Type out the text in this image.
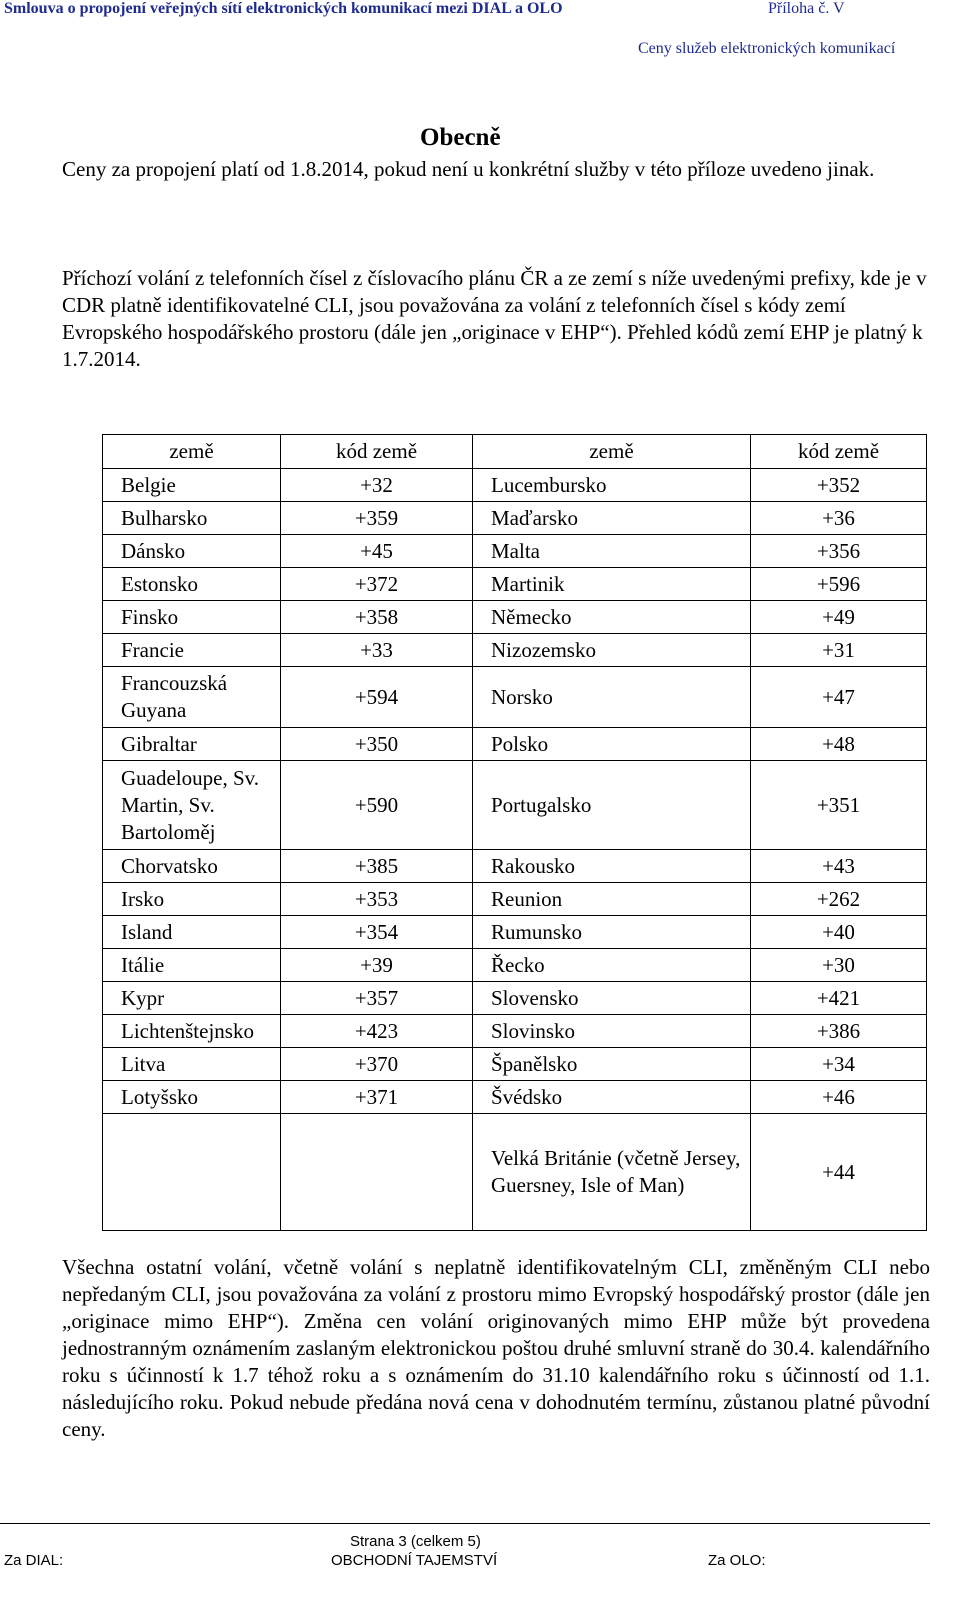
Smlouva o propojení veřejných sítí elektronických komunikací mezi DIAL a OLO	Příloha č. V
Ceny služeb elektronických komunikací
Obecně
Ceny za propojení platí od 1.8.2014, pokud není u konkrétní služby v této příloze uvedeno jinak.
Příchozí volání z telefonních čísel z číslovacího plánu ČR a ze zemí s níže uvedenými prefixy, kde je v CDR platně identifikovatelné CLI, jsou považována za volání z telefonních čísel s kódy zemí Evropského hospodářského prostoru (dále jen „originace v EHP“). Přehled kódů zemí EHP je platný k 1.7.2014.
země	kód země	země	kód země
Belgie	+32	Lucembursko	+352
Bulharsko	+359	Maďarsko	+36
Dánsko	+45	Malta	+356
Estonsko	+372	Martinik	+596
Finsko	+358	Německo	+49
Francie	+33	Nizozemsko	+31
Francouzská Guyana	+594	Norsko	+47
Gibraltar	+350	Polsko	+48
Guadeloupe, Sv. Martin, Sv. Bartoloměj	+590	Portugalsko	+351
Chorvatsko	+385	Rakousko	+43
Irsko	+353	Reunion	+262
Island	+354	Rumunsko	+40
Itálie	+39	Řecko	+30
Kypr	+357	Slovensko	+421
Lichtenštejnsko	+423	Slovinsko	+386
Litva	+370	Španělsko	+34
Lotyšsko	+371	Švédsko	+46
		Velká Británie (včetně Jersey, Guersney, Isle of Man)	+44
Všechna ostatní volání, včetně volání s neplatně identifikovatelným CLI, změněným CLI nebo nepředaným CLI, jsou považována za volání z prostoru mimo Evropský hospodářský prostor (dále jen „originace mimo EHP“). Změna cen volání originovaných mimo EHP může být provedena jednostranným oznámením zaslaným elektronickou poštou druhé smluvní straně do 30.4. kalendářního roku s účinností k 1.7 téhož roku a s oznámením do 31.10 kalendářního roku s účinností od 1.1. následujícího roku. Pokud nebude předána nová cena v dohodnutém termínu, zůstanou platné původní ceny.
Strana 3 (celkem 5)
Za DIAL:	OBCHODNÍ TAJEMSTVÍ	Za OLO:
